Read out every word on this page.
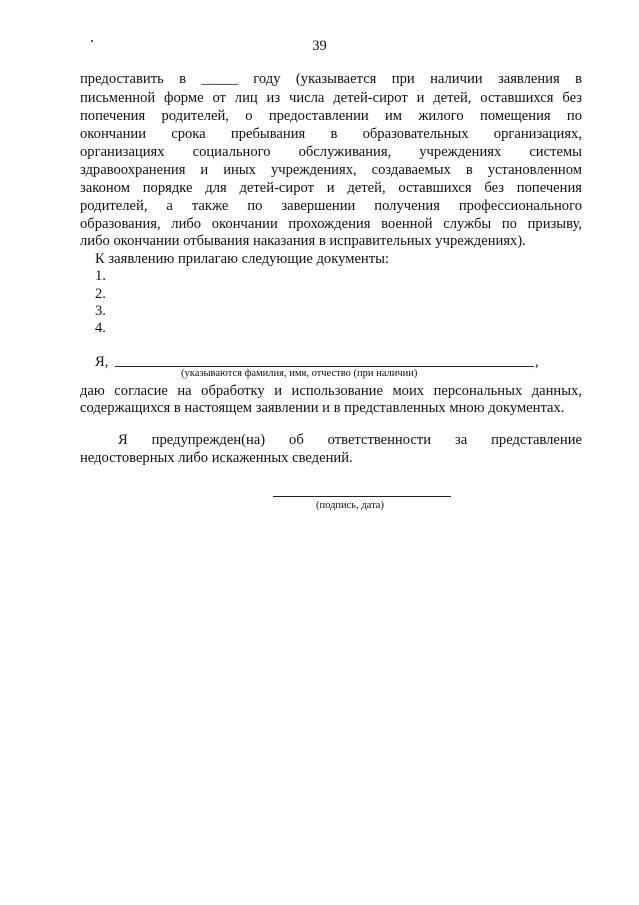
39
предоставить в _____ году (указывается при наличии заявления в
письменной форме от лиц из числа детей-сирот и детей, оставшихся без
попечения родителей, о предоставлении им жилого помещения по
окончании срока пребывания в образовательных организациях,
организациях социального обслуживания, учреждениях системы
здравоохранения и иных учреждениях, создаваемых в установленном
законом порядке для детей-сирот и детей, оставшихся без попечения
родителей, а также по завершении получения профессионального
образования, либо окончании прохождения военной службы по призыву,
либо окончании отбывания наказания в исправительных учреждениях).
К заявлению прилагаю следующие документы:
1.
2.
3.
4.
Я,	,
(указываются фамилия, имя, отчество (при наличии)
даю согласие на обработку и использование моих персональных данных,
содержащихся в настоящем заявлении и в представленных мною документах.
Я предупрежден(на) об ответственности за представление
недостоверных либо искаженных сведений.
(подпись, дата)
